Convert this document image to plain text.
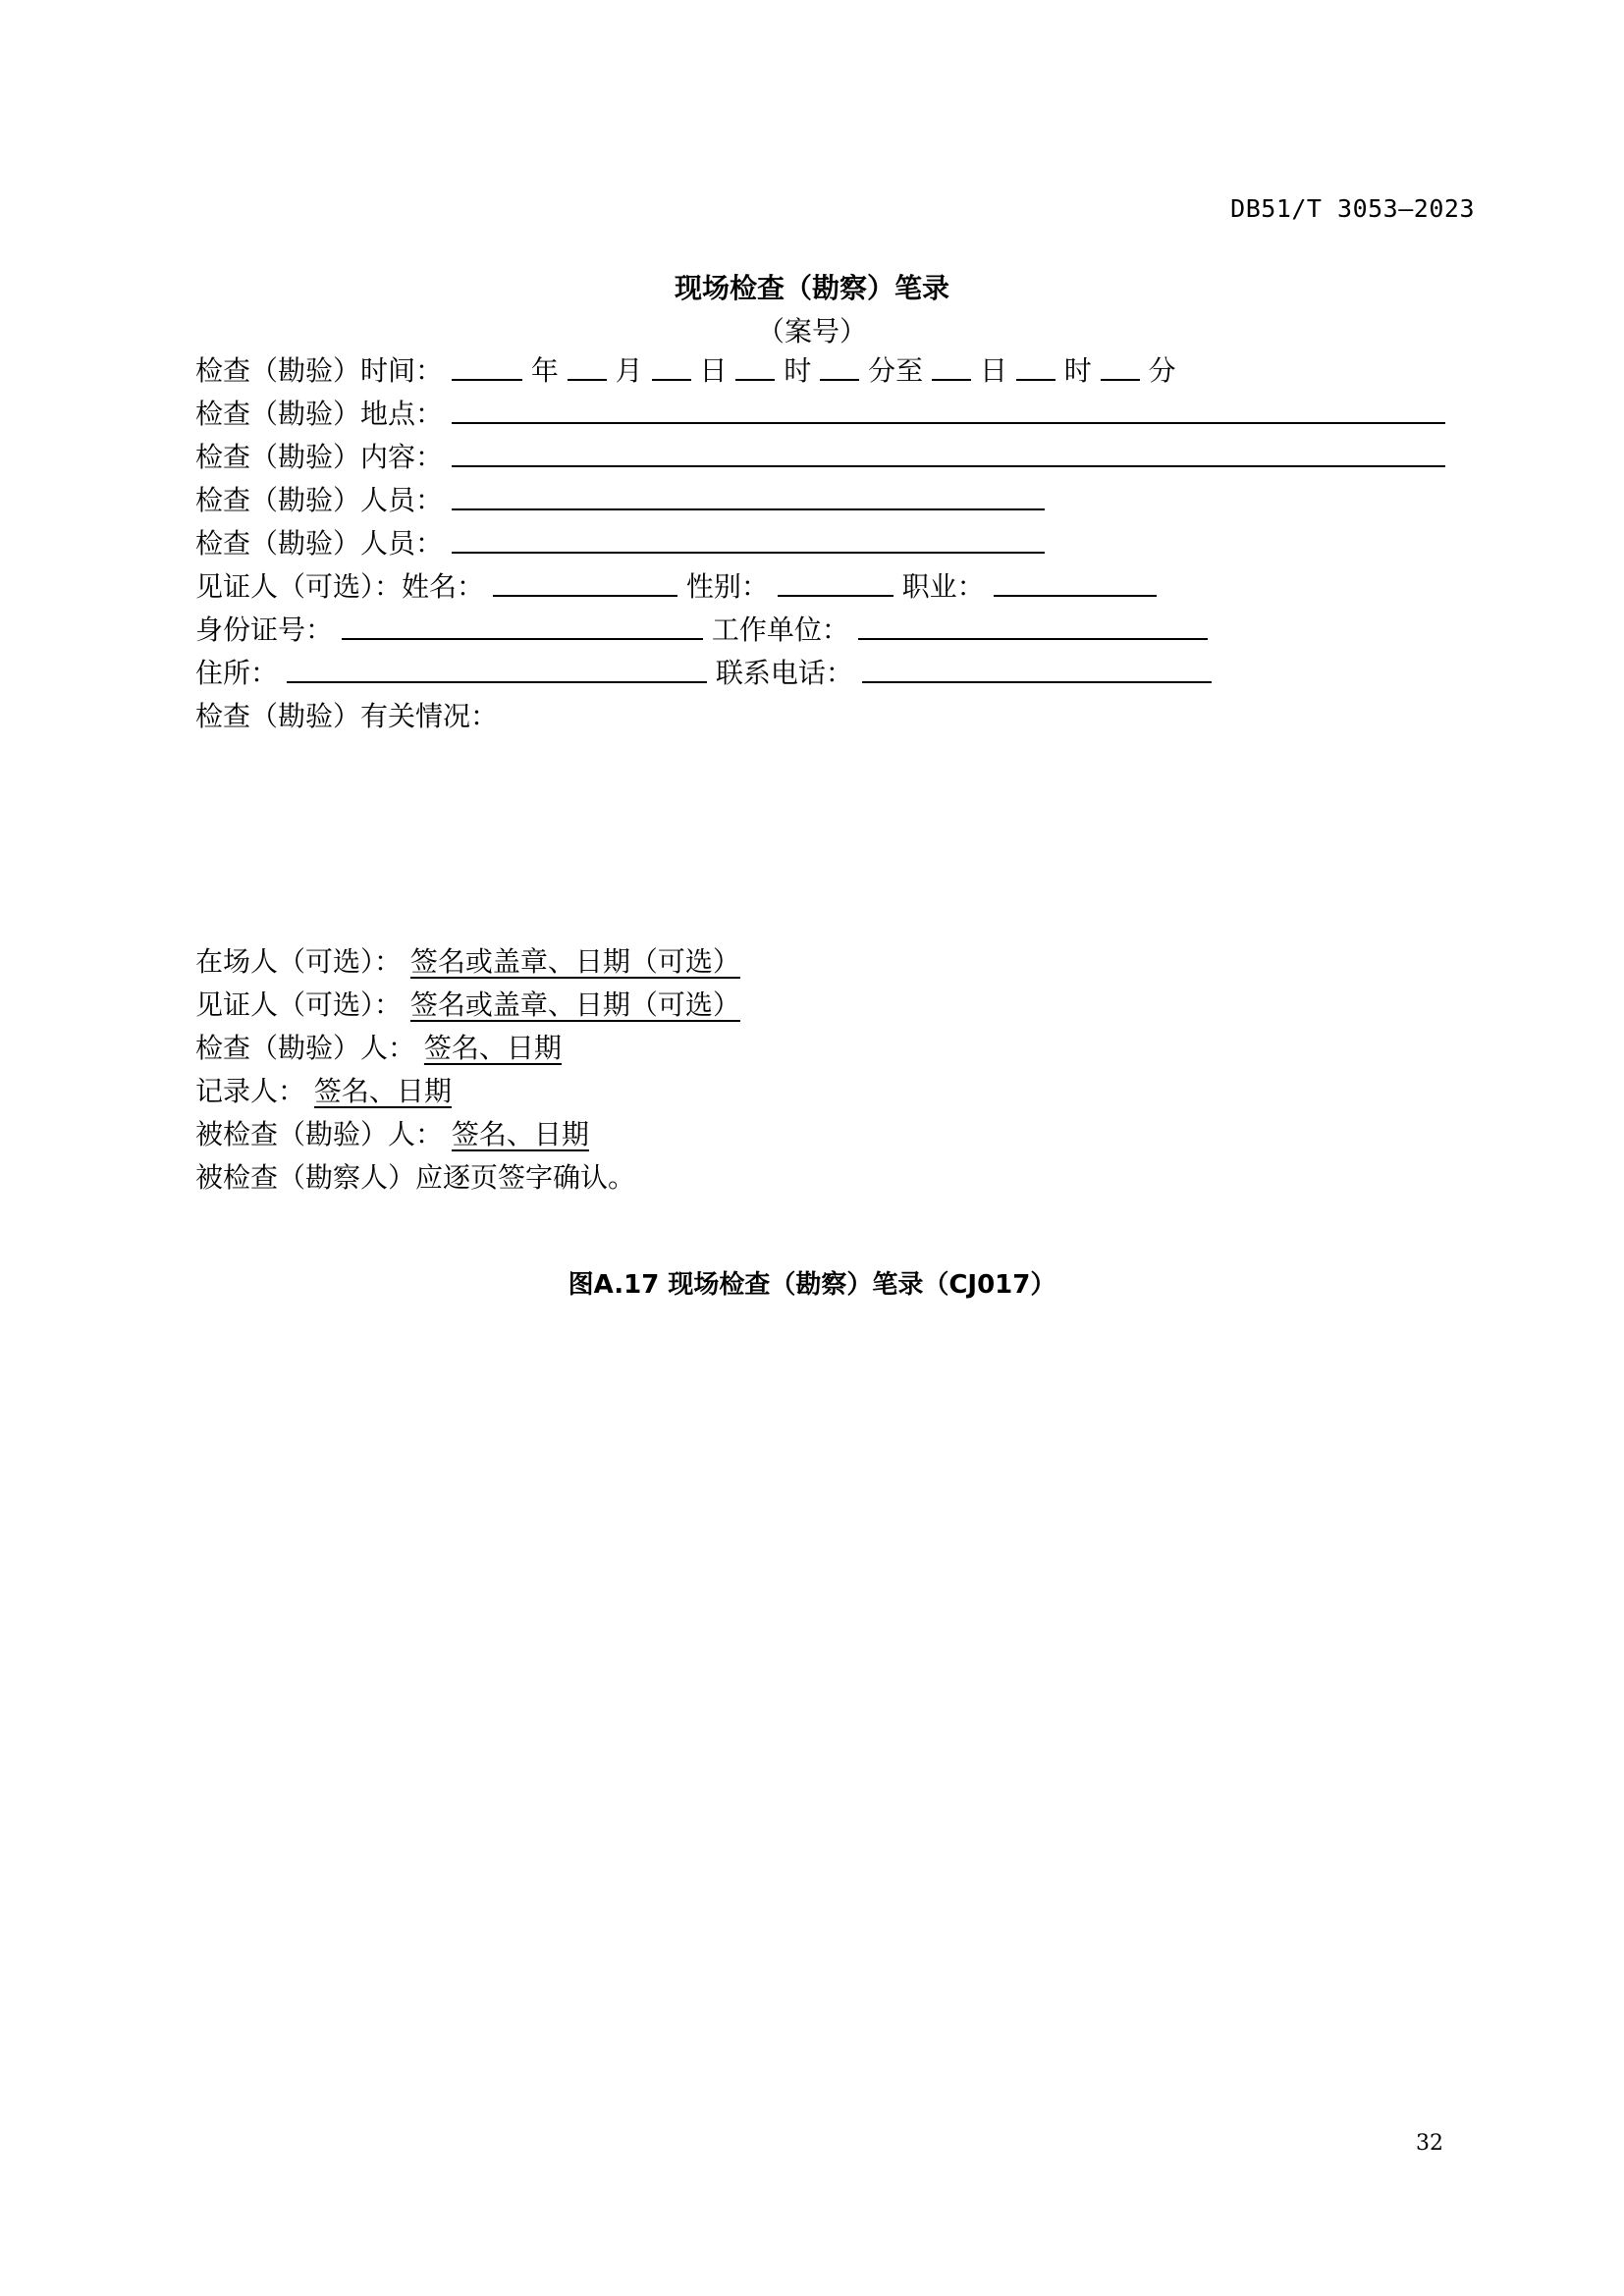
DB51/T 3053—2023
现场检查（勘察）笔录
（案号）
检查（勘验）时间：	年 月 日 时 分至 日 时 分
检查（勘验）地点：
检查（勘验）内容：
检查（勘验）人员：
检查（勘验）人员：
见证人（可选）：姓名：	性别：	职业：
身份证号：	工作单位：
住所：	联系电话：
检查（勘验）有关情况：
在场人（可选）： 签名或盖章、日期（可选）
见证人（可选）： 签名或盖章、日期（可选）
检查（勘验）人： 签名、日期
记录人： 签名、日期
被检查（勘验）人： 签名、日期
被检查（勘察人）应逐页签字确认。
图A.17 现场检查（勘察）笔录（CJ017）
32
